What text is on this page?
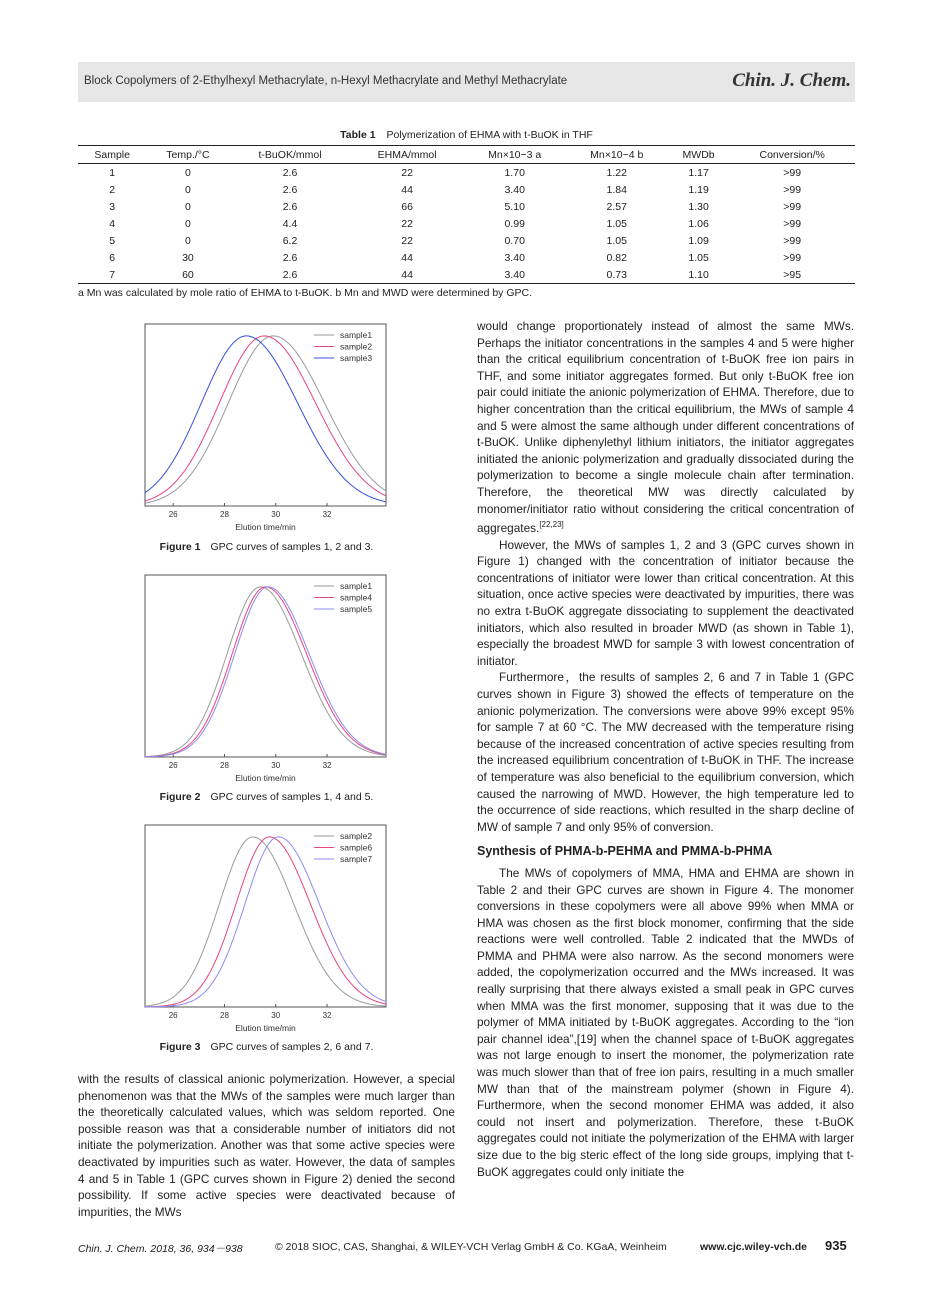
Block Copolymers of 2-Ethylhexyl Methacrylate, n-Hexyl Methacrylate and Methyl Methacrylate	Chin. J. Chem.
Table 1 Polymerization of EHMA with t-BuOK in THF
Sample	Temp./°C	t-BuOK/mmol	EHMA/mmol	Mn×10−3 a	Mn×10−4 b	MWDb	Conversion/%
1	0	2.6	22	1.70	1.22	1.17	>99
2	0	2.6	44	3.40	1.84	1.19	>99
3	0	2.6	66	5.10	2.57	1.30	>99
4	0	4.4	22	0.99	1.05	1.06	>99
5	0	6.2	22	0.70	1.05	1.09	>99
6	30	2.6	44	3.40	0.82	1.05	>99
7	60	2.6	44	3.40	0.73	1.10	>95
a Mn was calculated by mole ratio of EHMA to t-BuOK. b Mn and MWD were determined by GPC.
26	28	30	32
Elution time/min
sample1
sample2
sample3
Figure 1 GPC curves of samples 1, 2 and 3.
26	28	30	32
Elution time/min
sample1
sample4
sample5
Figure 2 GPC curves of samples 1, 4 and 5.
26	28	30	32
Elution time/min
sample2
sample6
sample7
Figure 3 GPC curves of samples 2, 6 and 7.

with the results of classical anionic polymerization. However, a special phenomenon was that the MWs of the samples were much larger than the theoretically calculated values, which was seldom reported. One possible reason was that a considerable number of initiators did not initiate the polymerization. Another was that some active species were deactivated by impurities such as water. However, the data of samples 4 and 5 in Table 1 (GPC curves shown in Figure 2) denied the second possibility. If some active species were deactivated because of impurities, the MWs

would change proportionately instead of almost the same MWs. Perhaps the initiator concentrations in the samples 4 and 5 were higher than the critical equilibrium concentration of t-BuOK free ion pairs in THF, and some initiator aggregates formed. But only t-BuOK free ion pair could initiate the anionic polymerization of EHMA. Therefore, due to higher concentration than the critical equilibrium, the MWs of sample 4 and 5 were almost the same although under different concentrations of t-BuOK. Unlike diphenylethyl lithium initiators, the initiator aggregates initiated the anionic polymerization and gradually dissociated during the polymerization to become a single molecule chain after termination. Therefore, the theoretical MW was directly calculated by monomer/initiator ratio without considering the critical concentration of aggregates.[22,23]

However, the MWs of samples 1, 2 and 3 (GPC curves shown in Figure 1) changed with the concentration of initiator because the concentrations of initiator were lower than critical concentration. At this situation, once active species were deactivated by impurities, there was no extra t-BuOK aggregate dissociating to supplement the deactivated initiators, which also resulted in broader MWD (as shown in Table 1), especially the broadest MWD for sample 3 with lowest concentration of initiator.

Furthermore，the results of samples 2, 6 and 7 in Table 1 (GPC curves shown in Figure 3) showed the effects of temperature on the anionic polymerization. The conversions were above 99% except 95% for sample 7 at 60 °C. The MW decreased with the temperature rising because of the increased concentration of active species resulting from the increased equilibrium concentration of t-BuOK in THF. The increase of temperature was also beneficial to the equilibrium conversion, which caused the narrowing of MWD. However, the high temperature led to the occurrence of side reactions, which resulted in the sharp decline of MW of sample 7 and only 95% of conversion.

Synthesis of PHMA-b-PEHMA and PMMA-b-PHMA

The MWs of copolymers of MMA, HMA and EHMA are shown in Table 2 and their GPC curves are shown in Figure 4. The monomer conversions in these copolymers were all above 99% when MMA or HMA was chosen as the first block monomer, confirming that the side reactions were well controlled. Table 2 indicated that the MWDs of PMMA and PHMA were also narrow. As the second monomers were added, the copolymerization occurred and the MWs increased. It was really surprising that there always existed a small peak in GPC curves when MMA was the first monomer, supposing that it was due to the polymer of MMA initiated by t-BuOK aggregates. According to the “ion pair channel idea”,[19] when the channel space of t-BuOK aggregates was not large enough to insert the monomer, the polymerization rate was much slower than that of free ion pairs, resulting in a much smaller MW than that of the mainstream polymer (shown in Figure 4). Furthermore, when the second monomer EHMA was added, it also could not insert and polymerization. Therefore, these t-BuOK aggregates could not initiate the polymerization of the EHMA with larger size due to the big steric effect of the long side groups, implying that t-BuOK aggregates could only initiate the

Chin. J. Chem. 2018, 36, 934－938	© 2018 SIOC, CAS, Shanghai, & WILEY-VCH Verlag GmbH & Co. KGaA, Weinheim	www.cjc.wiley-vch.de 935
